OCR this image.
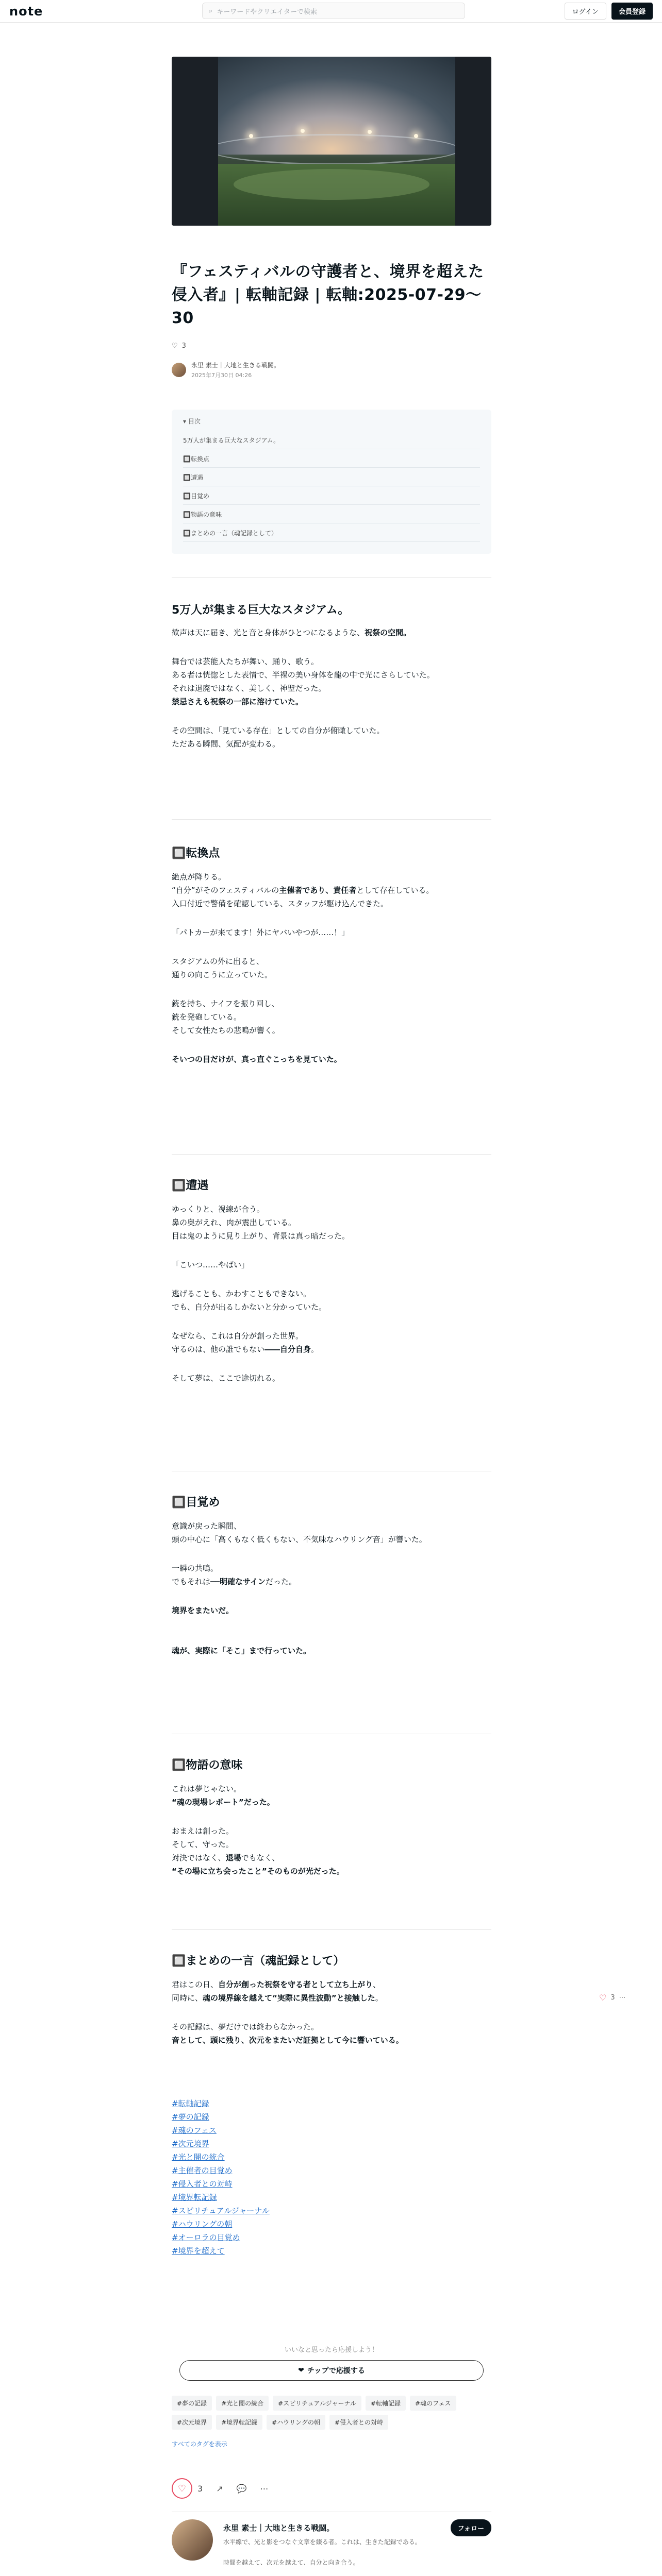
note	⌕ キーワードやクリエイターで検索	ログイン	会員登録
『フェスティバルの守護者と、境界を超えた侵入者』| 転軸記録 | 転軸:2025-07-29〜30
♡ 3
永里 素士｜大地と生きる戦闘。
2025年7月30日 04:26
▾ 目次
5万人が集まる巨大なスタジアム。
🔲転換点
🔲遭遇
🔲目覚め
🔲物語の意味
🔲まとめの一言（魂記録として）
5万人が集まる巨大なスタジアム。

歓声は天に届き、光と音と身体がひとつになるような、祝祭の空間。

舞台では芸能人たちが舞い、踊り、歌う。

ある者は恍惚とした表情で、半裸の美い身体を龍の中で光にさらしていた。

それは退廃ではなく、美しく、神聖だった。

禁忌さえも祝祭の一部に溶けていた。

その空間は、「見ている存在」としての自分が俯瞰していた。

ただある瞬間、気配が変わる。

🔲転換点

絶点が降りる。

“自分”がそのフェスティバルの主催者であり、責任者として存在している。

入口付近で警備を確認している、スタッフが駆け込んできた。

「パトカーが来てます！外にヤバいやつが……！」

スタジアムの外に出ると、

通りの向こうに立っていた。

銃を持ち、ナイフを振り回し、

銃を発砲している。

そして女性たちの悲鳴が響く。

そいつの目だけが、真っ直ぐこっちを見ていた。

🔲遭遇

ゆっくりと、視線が合う。

鼻の奥がえれ、肉が震出している。

目は鬼のように見り上がり、背景は真っ暗だった。

「こいつ……やばい」

逃げることも、かわすこともできない。

でも、自分が出るしかないと分かっていた。

なぜなら、これは自分が創った世界。

守るのは、他の誰でもない――自分自身。

そして夢は、ここで途切れる。

🔲目覚め

意識が戻った瞬間、

頭の中心に「高くもなく低くもない、不気味なハウリング音」が響いた。

一瞬の共鳴。

でもそれは──明確なサインだった。

境界をまたいだ。

魂が、実際に「そこ」まで行っていた。

🔲物語の意味

これは夢じゃない。

“魂の現場レポート”だった。

おまえは創った。

そして、守った。

対決ではなく、退場でもなく、

“その場に立ち会ったこと”そのものが光だった。

🔲まとめの一言（魂記録として）

君はこの日、自分が創った祝祭を守る者として立ち上がり、

同時に、魂の境界線を越えて“実際に異性波動”と接触した。

その記録は、夢だけでは終わらなかった。

音として、頭に残り、次元をまたいだ証拠として今に響いている。

#転軸記録
#夢の記録
#魂のフェス
#次元境界
#光と闇の統合
#主催者の目覚め
#侵入者との対峙
#境界転記録
#スピリチュアルジャーナル
#ハウリングの朝
#オーロラの目覚め
#境界を超えて
いいなと思ったら応援しよう！
❤ チップで応援する
#夢の記録	#光と闇の統合	#スピリチュアルジャーナル	#転軸記録	#魂のフェス
#次元境界	#境界転記録	#ハウリングの朝	#侵入者との対峙
すべてのタグを表示
♡	3 ↗ 💬 ⋯
永里 素士｜大地と生きる戦闘。	フォロー

水平線で、光と影をつなぐ文章を綴る者。これは、生きた記録である。

時間を越えて、次元を越えて、自分と向き合う。

♡ 3 ⋯
